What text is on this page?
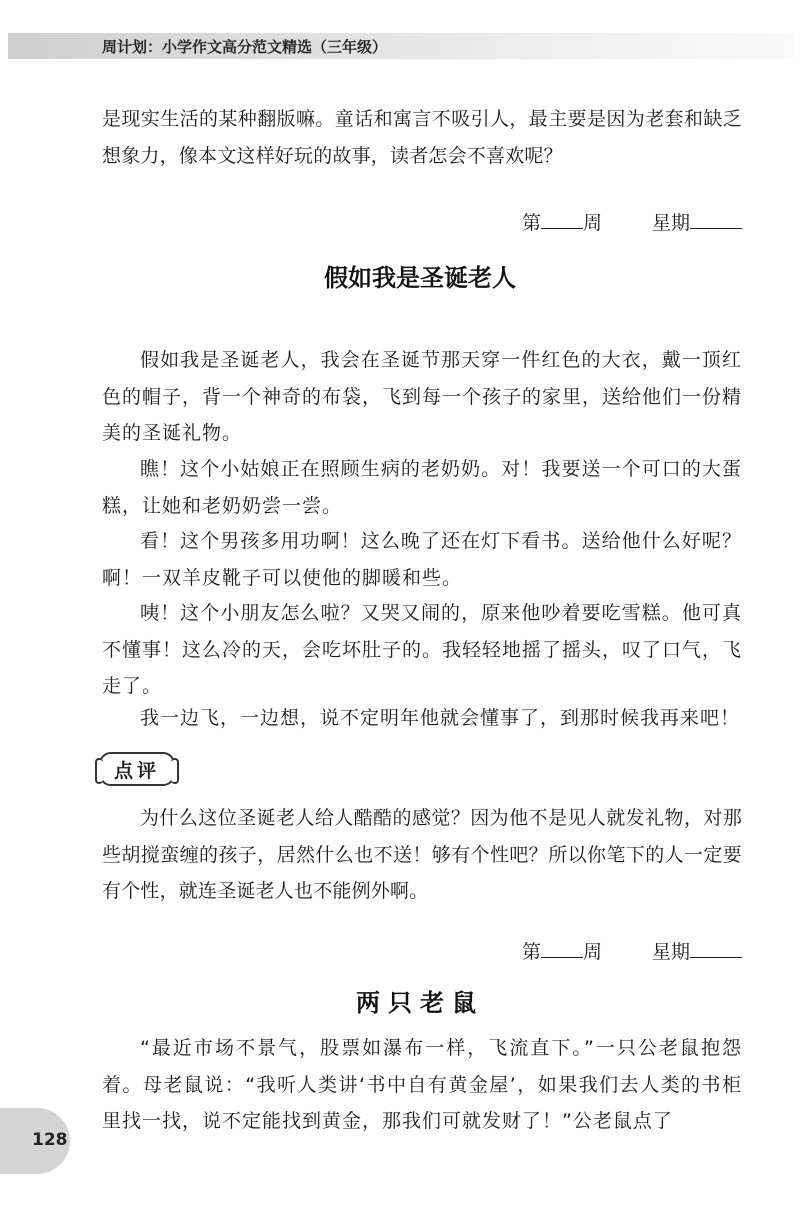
周计划：小学作文高分范文精选（三年级）
是现实生活的某种翻版嘛。童话和寓言不吸引人，最主要是因为老套和缺乏想象力，像本文这样好玩的故事，读者怎会不喜欢呢？
第 周	星期
假如我是圣诞老人
假如我是圣诞老人，我会在圣诞节那天穿一件红色的大衣，戴一顶红色的帽子，背一个神奇的布袋，飞到每一个孩子的家里，送给他们一份精美的圣诞礼物。
瞧！这个小姑娘正在照顾生病的老奶奶。对！我要送一个可口的大蛋糕，让她和老奶奶尝一尝。
看！这个男孩多用功啊！这么晚了还在灯下看书。送给他什么好呢？啊！一双羊皮靴子可以使他的脚暖和些。
咦！这个小朋友怎么啦？又哭又闹的，原来他吵着要吃雪糕。他可真不懂事！这么冷的天，会吃坏肚子的。我轻轻地摇了摇头，叹了口气，飞走了。
我一边飞，一边想，说不定明年他就会懂事了，到那时候我再来吧！
点评
为什么这位圣诞老人给人酷酷的感觉？因为他不是见人就发礼物，对那些胡搅蛮缠的孩子，居然什么也不送！够有个性吧？所以你笔下的人一定要有个性，就连圣诞老人也不能例外啊。
第 周	星期
两只老鼠
“最近市场不景气，股票如瀑布一样，飞流直下。”一只公老鼠抱怨着。母老鼠说：“我听人类讲‘书中自有黄金屋’，如果我们去人类的书柜里找一找，说不定能找到黄金，那我们可就发财了！”公老鼠点了
128
